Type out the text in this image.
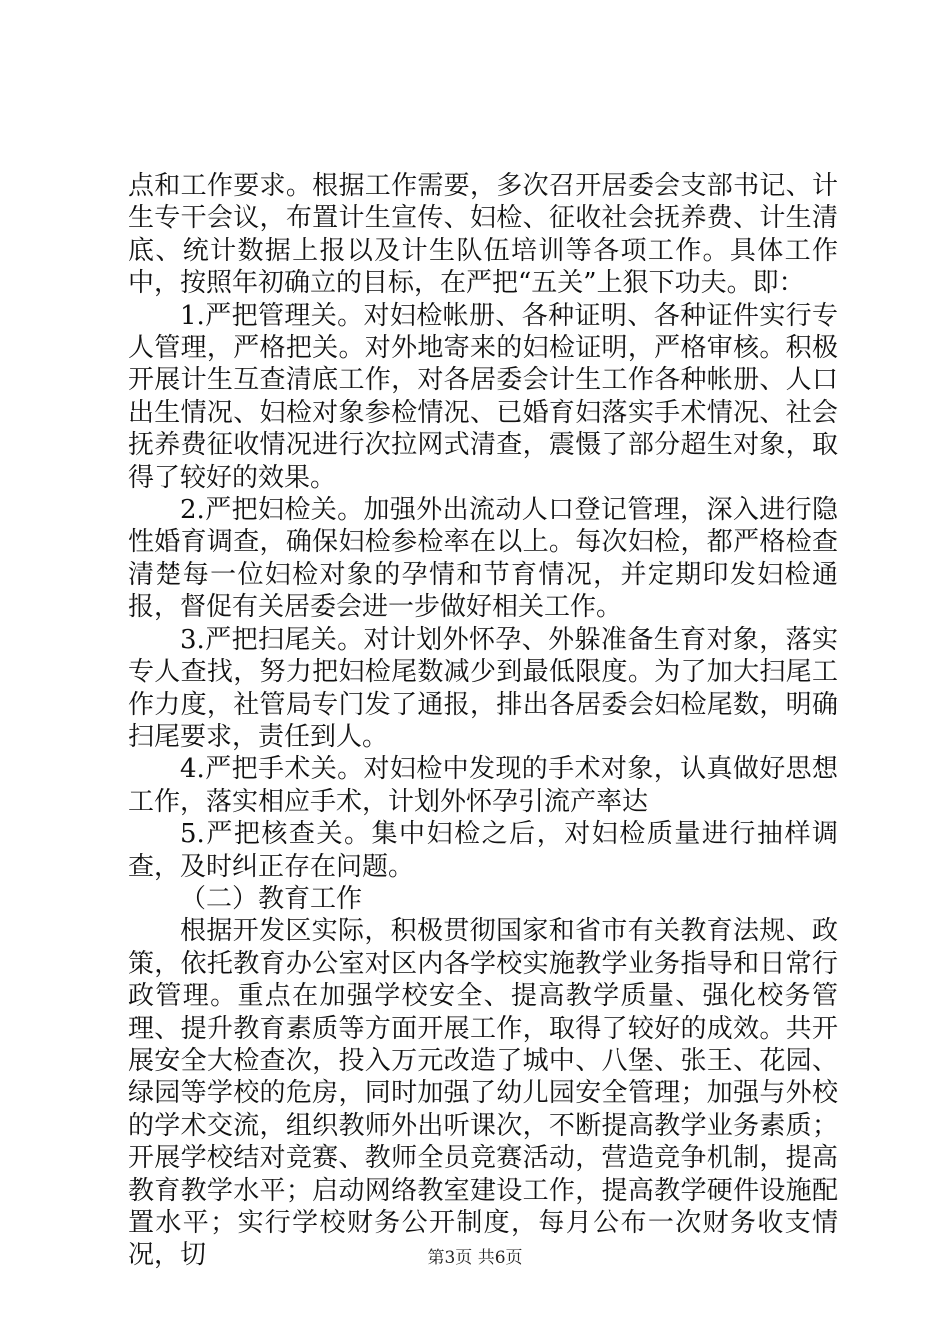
点和工作要求。根据工作需要，多次召开居委会支部书记、计生专干会议，布置计生宣传、妇检、征收社会抚养费、计生清底、统计数据上报以及计生队伍培训等各项工作。具体工作中，按照年初确立的目标，在严把“五关”上狠下功夫。即：

1.严把管理关。对妇检帐册、各种证明、各种证件实行专人管理，严格把关。对外地寄来的妇检证明，严格审核。积极开展计生互查清底工作，对各居委会计生工作各种帐册、人口出生情况、妇检对象参检情况、已婚育妇落实手术情况、社会抚养费征收情况进行次拉网式清查，震慑了部分超生对象，取得了较好的效果。

2.严把妇检关。加强外出流动人口登记管理，深入进行隐性婚育调查，确保妇检参检率在以上。每次妇检，都严格检查清楚每一位妇检对象的孕情和节育情况，并定期印发妇检通报，督促有关居委会进一步做好相关工作。

3.严把扫尾关。对计划外怀孕、外躲准备生育对象，落实专人查找，努力把妇检尾数减少到最低限度。为了加大扫尾工作力度，社管局专门发了通报，排出各居委会妇检尾数，明确扫尾要求，责任到人。

4.严把手术关。对妇检中发现的手术对象，认真做好思想工作，落实相应手术，计划外怀孕引流产率达

5.严把核查关。集中妇检之后，对妇检质量进行抽样调查，及时纠正存在问题。

（二）教育工作

根据开发区实际，积极贯彻国家和省市有关教育法规、政策，依托教育办公室对区内各学校实施教学业务指导和日常行政管理。重点在加强学校安全、提高教学质量、强化校务管理、提升教育素质等方面开展工作，取得了较好的成效。共开展安全大检查次，投入万元改造了城中、八堡、张王、花园、绿园等学校的危房，同时加强了幼儿园安全管理；加强与外校的学术交流，组织教师外出听课次，不断提高教学业务素质；开展学校结对竞赛、教师全员竞赛活动，营造竞争机制，提高教育教学水平；启动网络教室建设工作，提高教学硬件设施配置水平；实行学校财务公开制度，每月公布一次财务收支情况，切	第3页 共6页
